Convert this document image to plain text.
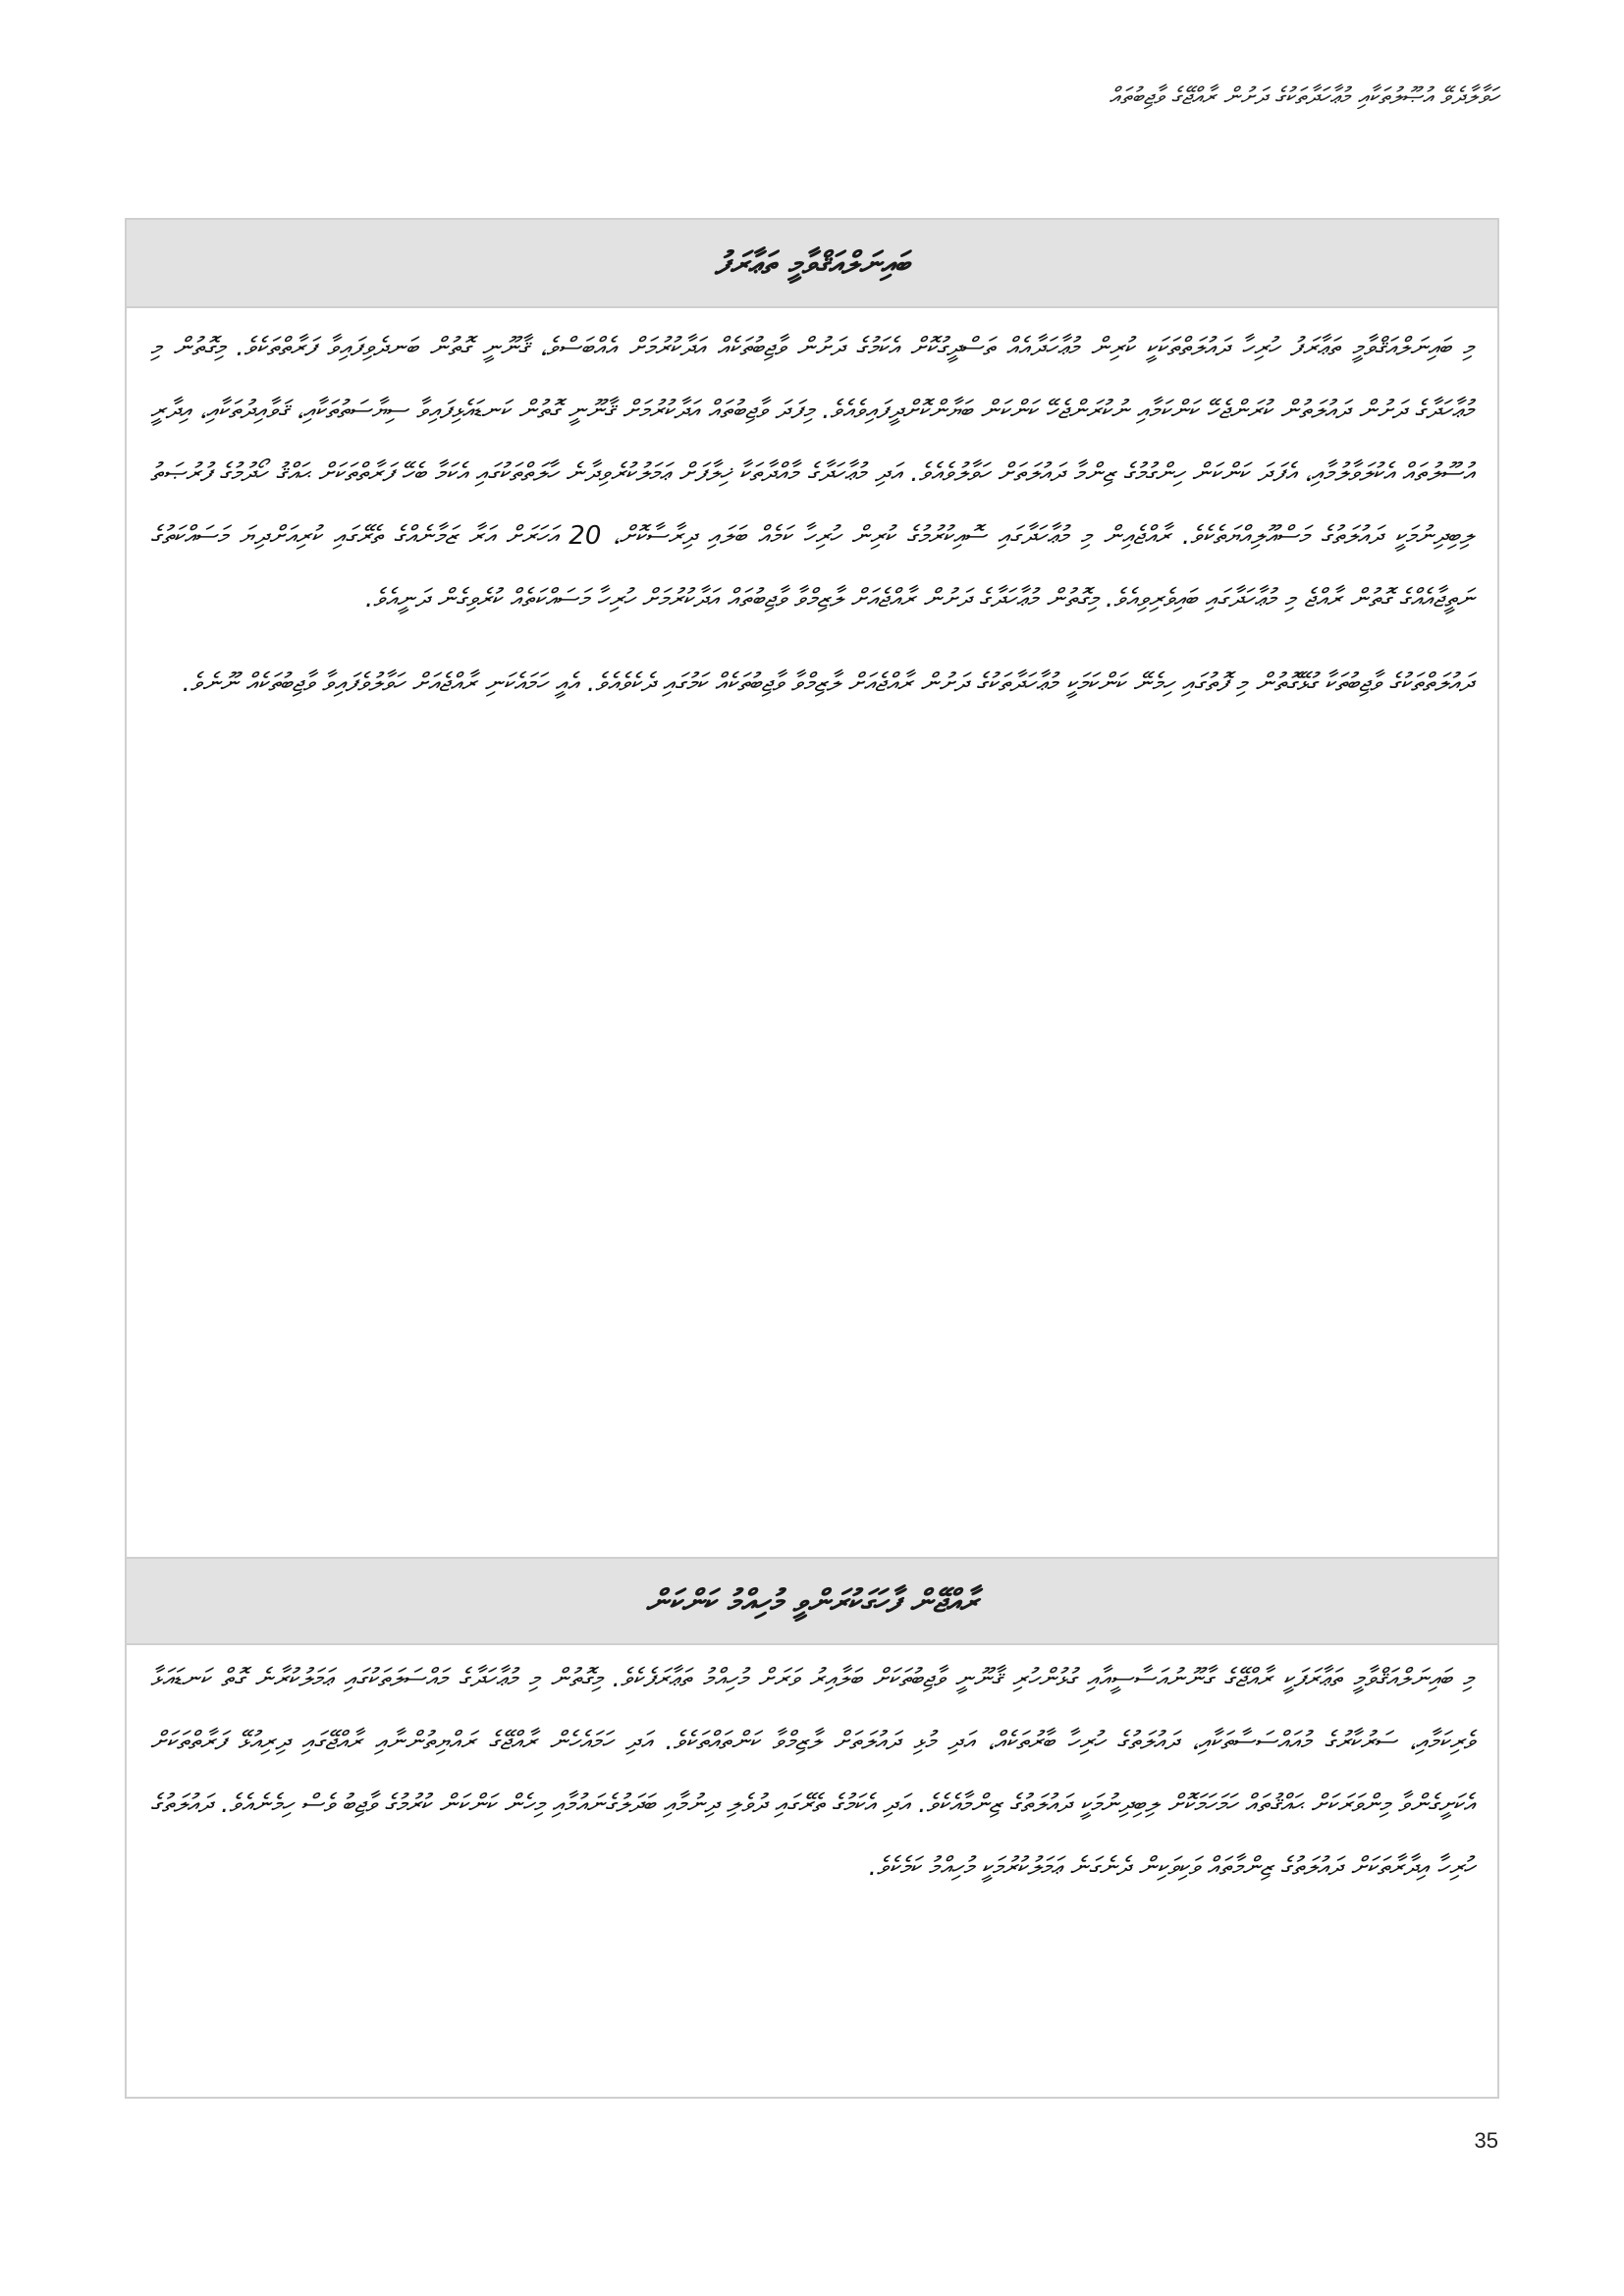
ހަވާލާދެވޭ އުޞޫލުތަކާއި މުޢާހަދާތަކުގެ ދަށުން ރާއްޖޭގެ ވާޖިބުތައް
ބައިނަލްއަޤްވާމީ ތަޢާރަފު

މި ބައިނަލްއަޤްވާމީ ތަޢާރަފު ހުރިހާ ދައުލަތްތަކަކީ ކުރިން މުޢާހަދާއެއް ތަސްދީގުކޮށް އެކަމުގެ ދަށުން ވާޖިބުތަކެއް އަދާކުރުމަށް އެއްބަސްވެ، ޤާނޫނީ ގޮތުން ބަނދެވިފައިވާ ފަރާތްތަކެވެ. މިގޮތުން މި މުޢާހަދާގެ ދަށުން ދައުލަތުން ކުރަންޖެހޭ ކަންކަމާއި ނުކުރަންޖެހޭ ކަންކަން ބަޔާންކޮށްދީފައިވެއެވެ. މިފަދަ ވާޖިބުތައް އަދާކުރުމަށް ޤާނޫނީ ގޮތުން ކަނޑައެޅިފައިވާ ސިޔާސަތުތަކާއި، ޤަވާއިދުތަކާއި، އިދާރީ އުސޫލުތައް އެކުލަވާލުމާއި، އެފަދަ ކަންކަން ހިންގުމުގެ ޒިންމާ ދައުލަތަށް ހަވާލުވެއެވެ. އަދި މުޢާހަދާގެ މާއްދާތަކާ ޚިލާފަށް ޢަމަލުކުރެވިދާނެ ހާލަތްތަކުގައި އެކަމާ ބެހޭ ފަރާތްތަކަށް ޙައްޤު ހޯދުމުގެ ފުރުޞަތު ލިބިދިނުމަކީ ދައުލަތުގެ މަސްއޫލިއްޔަތެކެވެ. ރާއްޖެއިން މި މުޢާހަދާގައި ސޮއިކުރުމުގެ ކުރިން ހުރިހާ ކަމެއް ބަލައި ދިރާސާކޮށް، 20 އަހަރަށް އަރާ ޒަމާނެއްގެ ތެރޭގައި ކުރިއަށްދިޔަ މަސައްކަތުގެ ނަތީޖާއެއްގެ ގޮތުން ރާއްޖެ މި މުޢާހަދާގައި ބައިވެރިވިއެވެ. މިގޮތުން މުޢާހަދާގެ ދަށުން ރާއްޖެއަށް ލާޒިމްވާ ވާޖިބުތައް އަދާކުރުމަށް ހުރިހާ މަސައްކަތެއް ކުރެވިގެން ދަނީއެވެ.

ދައުލަތްތަކުގެ ވާޖިބުތަކާ ގުޅޭގޮތުން މި ފޮތުގައި ހިމެނޭ ކަންކަމަކީ މުޢާހަދާތަކުގެ ދަށުން ރާއްޖެއަށް ލާޒިމްވާ ވާޖިބުތަކެއް ކަމުގައި ދެކެވެއެވެ. އެއީ ހަމައެކަނި ރާއްޖެއަށް ހަވާލުވެފައިވާ ވާޖިބުތަކެއް ނޫނެވެ.

ރާއްޖޭން ފާހަގަކުރަންވީ މުހިއްމު ކަންކަން

މި ބައިނަލްއަޤްވާމީ ތަޢާރަފަކީ ރާއްޖޭގެ ގާނޫނުއަސާސީއާއި ގުޅުންހުރި ޤާނޫނީ ވާޖިބުތަކަށް ބަލާއިރު ވަރަށް މުހިއްމު ތަޢާރަފެކެވެ. މިގޮތުން މި މުޢާހަދާގެ މައްސަލަތަކުގައި ޢަމަލުކުރާނެ ގޮތް ކަނޑައަޅާ ވެރިކަމާއި، ސަރުކާރުގެ މުއައްސަސާތަކާއި، ދައުލަތުގެ ހުރިހާ ބާރުތަކެއް، އަދި މުޅި ދައުލަތަށް ލާޒިމްވާ ކަންތައްތަކެވެ. އަދި ހަމައެހެން ރާއްޖޭގެ ރައްޔިތުންނާއި ރާއްޖޭގައި ދިރިއުޅޭ ފަރާތްތަކަށް އެކަށީގެންވާ މިންވަރަކަށް ޙައްޤުތައް ހަމަހަމަކޮށް ލިބިދިނުމަކީ ދައުލަތުގެ ޒިންމާއެކެވެ. އަދި އެކަމުގެ ތެރޭގައި ދުވެލި ދިނުމާއި ބަދަލުގެނައުމާއި މިހެން ކަންކަން ކުރުމުގެ ވާޖިބު ވެސް ހިމެނެއެވެ. ދައުލަތުގެ ހުރިހާ އިދާރާތަކަށް ދައުލަތުގެ ޒިންމާތައް ވަކިވަކިން ދެނެގަނެ ޢަމަލުކުރުމަކީ މުހިއްމު ކަމެކެވެ.

35
